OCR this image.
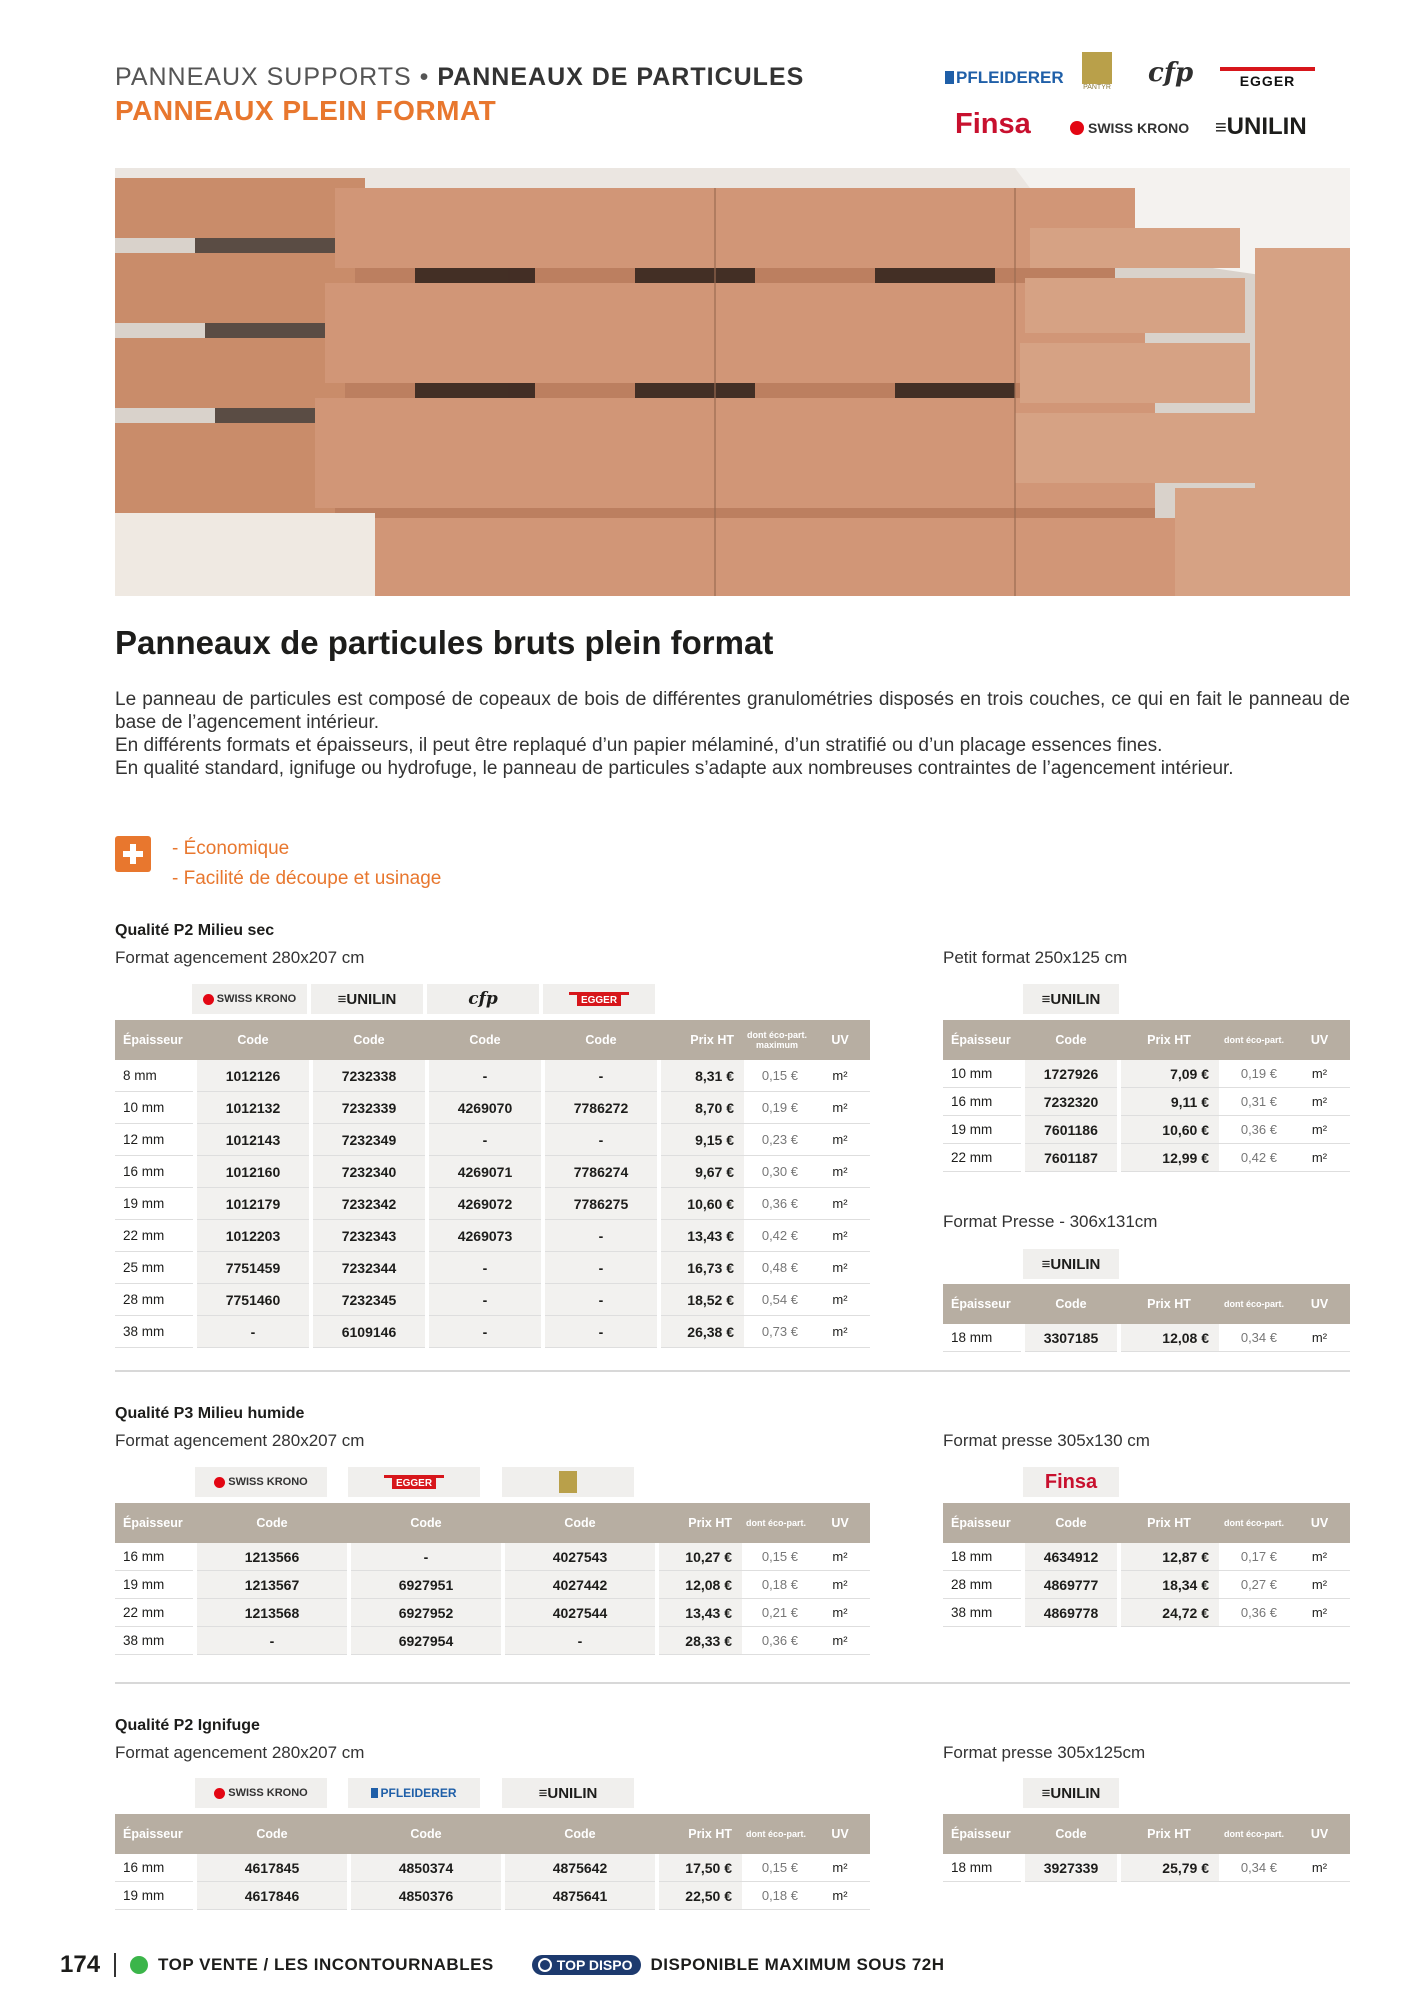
PANNEAUX SUPPORTS • PANNEAUX DE PARTICULES
PANNEAUX PLEIN FORMAT
PFLEIDERER
PANTYR cfp	EGGER
Finsa	SWISS KRONO ≡UNILIN
Panneaux de particules bruts plein format

Le panneau de particules est composé de copeaux de bois de différentes granulométries disposés en trois couches, ce qui en fait le panneau de base de l’agencement intérieur.

En différents formats et épaisseurs, il peut être replaqué d’un papier mélaminé, d’un stratifié ou d’un placage essences fines.

En qualité standard, ignifuge ou hydrofuge, le panneau de particules s’adapte aux nombreuses contraintes de l’agencement intérieur.

- Économique
- Facilité de découpe et usinage
Qualité P2 Milieu sec
Format agencement 280x207 cm	Petit format 250x125 cm
SWISS KRONO	≡ UNILIN	cfp	EGGER
Épaisseur	Code	Code	Code	Code	Prix HT	dont éco-part. maximum	UV
8 mm	1012126	7232338	-	-	8,31 €	0,15 €	m²
10 mm	1012132	7232339	4269070	7786272	8,70 €	0,19 €	m²
12 mm	1012143	7232349	-	-	9,15 €	0,23 €	m²
16 mm	1012160	7232340	4269071	7786274	9,67 €	0,30 €	m²
19 mm	1012179	7232342	4269072	7786275	10,60 €	0,36 €	m²
22 mm	1012203	7232343	4269073	-	13,43 €	0,42 €	m²
25 mm	7751459	7232344	-	-	16,73 €	0,48 €	m²
28 mm	7751460	7232345	-	-	18,52 €	0,54 €	m²
38 mm	-	6109146	-	-	26,38 €	0,73 €	m²
≡ UNILIN
Épaisseur	Code	Prix HT	dont éco-part.	UV
10 mm	1727926	7,09 €	0,19 €	m²
16 mm	7232320	9,11 €	0,31 €	m²
19 mm	7601186	10,60 €	0,36 €	m²
22 mm	7601187	12,99 €	0,42 €	m²
Format Presse - 306x131cm
≡ UNILIN
Épaisseur	Code	Prix HT	dont éco-part.	UV
18 mm	3307185	12,08 €	0,34 €	m²
Qualité P3 Milieu humide
Format agencement 280x207 cm	Format presse 305x130 cm
SWISS KRONO	EGGER
Épaisseur	Code	Code	Code	Prix HT	dont éco-part.	UV
16 mm	1213566	-	4027543	10,27 €	0,15 €	m²
19 mm	1213567	6927951	4027442	12,08 €	0,18 €	m²
22 mm	1213568	6927952	4027544	13,43 €	0,21 €	m²
38 mm	-	6927954	-	28,33 €	0,36 €	m²
Finsa
Épaisseur	Code	Prix HT	dont éco-part.	UV
18 mm	4634912	12,87 €	0,17 €	m²
28 mm	4869777	18,34 €	0,27 €	m²
38 mm	4869778	24,72 €	0,36 €	m²
Qualité P2 Ignifuge
Format agencement 280x207 cm	Format presse 305x125cm
SWISS KRONO	PFLEIDERER	≡ UNILIN
Épaisseur	Code	Code	Code	Prix HT	dont éco-part.	UV
16 mm	4617845	4850374	4875642	17,50 €	0,15 €	m²
19 mm	4617846	4850376	4875641	22,50 €	0,18 €	m²
≡ UNILIN
Épaisseur	Code	Prix HT	dont éco-part.	UV
18 mm	3927339	25,79 €	0,34 €	m²
174	TOP VENTE / LES INCONTOURNABLES	TOP DISPO DISPONIBLE MAXIMUM SOUS 72H
